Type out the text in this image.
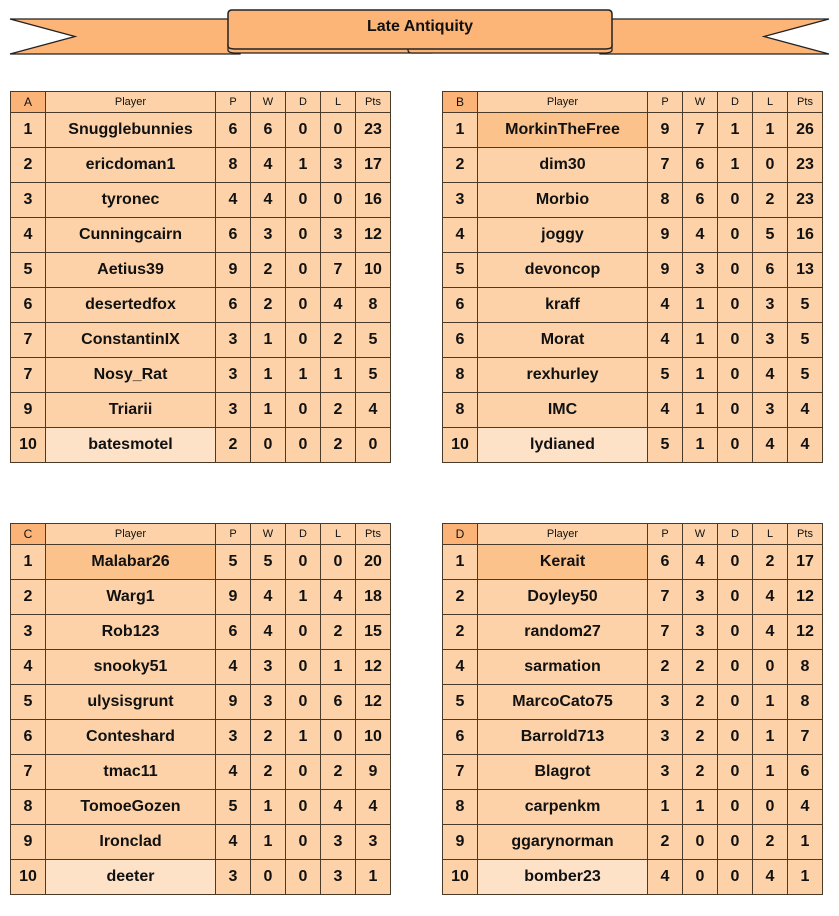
Late Antiquity
A	Player	P	W	D	L	Pts
1	Snugglebunnies	6	6	0	0	23
2	ericdoman1	8	4	1	3	17
3	tyronec	4	4	0	0	16
4	Cunningcairn	6	3	0	3	12
5	Aetius39	9	2	0	7	10
6	desertedfox	6	2	0	4	8
7	ConstantinIX	3	1	0	2	5
7	Nosy_Rat	3	1	1	1	5
9	Triarii	3	1	0	2	4
10	batesmotel	2	0	0	2	0
B	Player	P	W	D	L	Pts
1	MorkinTheFree	9	7	1	1	26
2	dim30	7	6	1	0	23
3	Morbio	8	6	0	2	23
4	joggy	9	4	0	5	16
5	devoncop	9	3	0	6	13
6	kraff	4	1	0	3	5
6	Morat	4	1	0	3	5
8	rexhurley	5	1	0	4	5
8	IMC	4	1	0	3	4
10	lydianed	5	1	0	4	4
C	Player	P	W	D	L	Pts
1	Malabar26	5	5	0	0	20
2	Warg1	9	4	1	4	18
3	Rob123	6	4	0	2	15
4	snooky51	4	3	0	1	12
5	ulysisgrunt	9	3	0	6	12
6	Conteshard	3	2	1	0	10
7	tmac11	4	2	0	2	9
8	TomoeGozen	5	1	0	4	4
9	Ironclad	4	1	0	3	3
10	deeter	3	0	0	3	1
D	Player	P	W	D	L	Pts
1	Kerait	6	4	0	2	17
2	Doyley50	7	3	0	4	12
2	random27	7	3	0	4	12
4	sarmation	2	2	0	0	8
5	MarcoCato75	3	2	0	1	8
6	Barrold713	3	2	0	1	7
7	Blagrot	3	2	0	1	6
8	carpenkm	1	1	0	0	4
9	ggarynorman	2	0	0	2	1
10	bomber23	4	0	0	4	1
